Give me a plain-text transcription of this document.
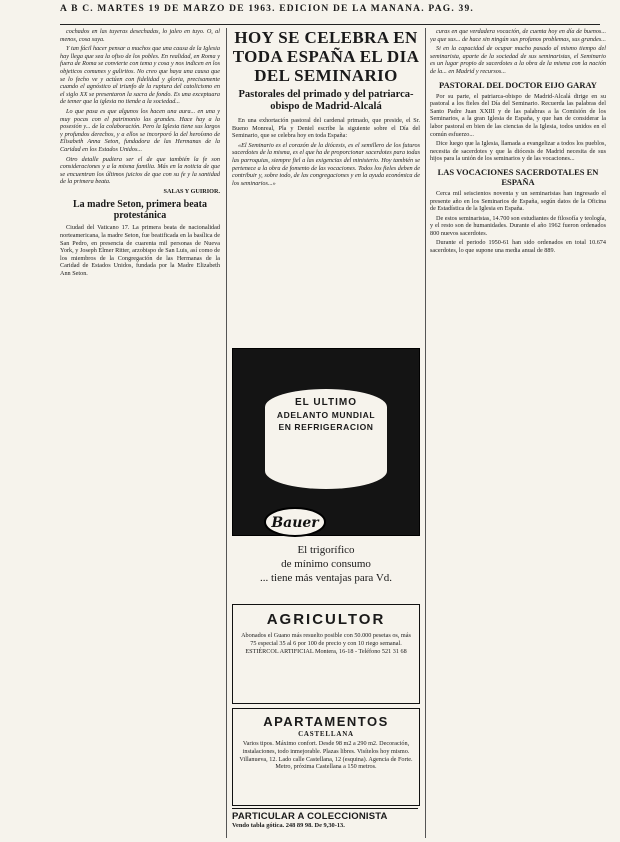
A B C. MARTES 19 DE MARZO DE 1963. EDICION DE LA MAÑANA. PAG. 39.

cochados en las tuyeras desechadas, lo jaleo en tuyo. O, al menos, cosa suya.

Y tan fácil hacer pensar a muchos que una causa de la Iglesia hay llega que sea la ofiso de los pobles. En realidad, en Roma y fuera de Roma se convierte con tema y cosa y nos indicen en los objeticos comunes y guliritos. No creo que haya una causa que se lo fecho ve y actúen con fidelidad y gloria, precisamente cuando el agnóstico al triunfo de la ruptura del catolicismo en el siglo XX se presentaron la sacra de fondo. Es una exceptuara de temer que la iglesia no tiende a la sociedad...

Lo que pasa es que algunos los hacen una aura... en una y muy pocas con el patrimonio las grandes. Hace hay a la posesión y... de la colaboración. Pero la Iglesia tiene sus largos y profundos derechos, y a ellos se incorporó la del heroísmo de Elisabeth Anna Seton, fundadora de las Hermanas de la Caridad en los Estados Unidos...

Otro detalle pudiera ser el de que también la fe son consideraciones y a la misma familia. Más en la noticia de que se encuentran los últimos juicios de que con su fe y la santidad de la primera beata.

SALAS Y GUIRIOR.

La madre Seton, primera beata protestánica

Ciudad del Vaticano 17. La primera beata de nacionalidad norteamericana, la madre Seton, fue beatificada en la basílica de San Pedro, en presencia de cuarenta mil personas de Nueva York, y Joseph Elmer Ritter, arzobispo de San Luis, así como de los miembros de la Congregación de las Hermanas de la Caridad de Estados Unidos, fundada por la Madre Elizabeth Ann Seton.

HOY SE CELEBRA EN TODA ESPAÑA EL DIA DEL SEMINARIO
Pastorales del primado y del patriarca-obispo de Madrid-Alcalá

En una exhortación pastoral del cardenal primado, que preside, el Sr. Bueno Monreal, Pla y Deniel escribe la siguiente sobre el Día del Seminario, que se celebra hoy en toda España:

«El Seminario es el corazón de la diócesis, es el semillero de los futuros sacerdotes de la misma, es el que ha de proporcionar sacerdotes para todas las parroquias, siempre fiel a las exigencias del ministerio. Hoy también se pertenece a la obra de fomento de las vocaciones. Todos los fieles deben de contribuir y, sobre todo, de las congregaciones y en la ayuda económica de los seminarios...»

EL ULTIMO
ADELANTO MUNDIAL
EN REFRIGERACION
Bauer
El trigorífico
de mínimo consumo
... tiene más ventajas para Vd.
AGRICULTOR
Abonados el Guano más resuelto posible con 50.000 pesetas os, más 75 especial 35 al 6 por 100 de precio y con 10 riego semanal. ESTIÉRCOL ARTIFICIAL Montera, 16-18 - Teléfono 521 31 68
APARTAMENTOS
CASTELLANA
Varios tipos. Máximo confort. Desde 98 m2 a 290 m2. Decoración, instalaciones, todo inmejorable. Plazas libres. Visítelos hoy mismo. Villanueva, 12. Lado calle Castellana, 12 (esquina). Agencia de Forte. Metro, próxima Castellana a 150 metros.
PARTICULAR A COLECCIONISTA
Vendo tabla gótica. 248 89 98. De 9,30-13.

curas en que verdadera vocación, de cuenta hoy en día de buenos... ya que sus... de hace sin ningún sus profanos problemas, sus grandes...

Si en la capacidad de ocupar mucho pasado al mismo tiempo del seminarista, aparte de la sociedad de sus seminaristas, el Seminario es un lugar propio de sacerdotes a la obra de la misma con la nación de la... en Madrid y recursos...

PASTORAL DEL DOCTOR EIJO GARAY

Por su parte, el patriarca-obispo de Madrid-Alcalá dirige en su pastoral a los fieles del Día del Seminario. Recuerda las palabras del Santo Padre Juan XXIII y de las palabras a la Comisión de los Seminarios, a la gran Iglesia de España, y que han de considerar la labor pastoral en bien de las ciencias de la Iglesia, todos unidos en el común esfuerzo...

Dice luego que la Iglesia, llamada a evangelizar a todos los pueblos, necesita de sacerdotes y que la diócesis de Madrid necesita de sus hijos para la unión de los seminarios y de las vocaciones...

LAS VOCACIONES SACERDOTALES EN ESPAÑA

Cerca mil seiscientos noventa y un seminaristas han ingresado el presente año en los Seminarios de España, según datos de la Oficina de Estadística de la Iglesia en España.

De estos seminaristas, 14.700 son estudiantes de filosofía y teología, y el resto son de humanidades. Durante el año 1962 fueron ordenados 800 nuevos sacerdotes.

Durante el periodo 1950-61 han sido ordenados en total 10.674 sacerdotes, lo que supone una media anual de 889.
